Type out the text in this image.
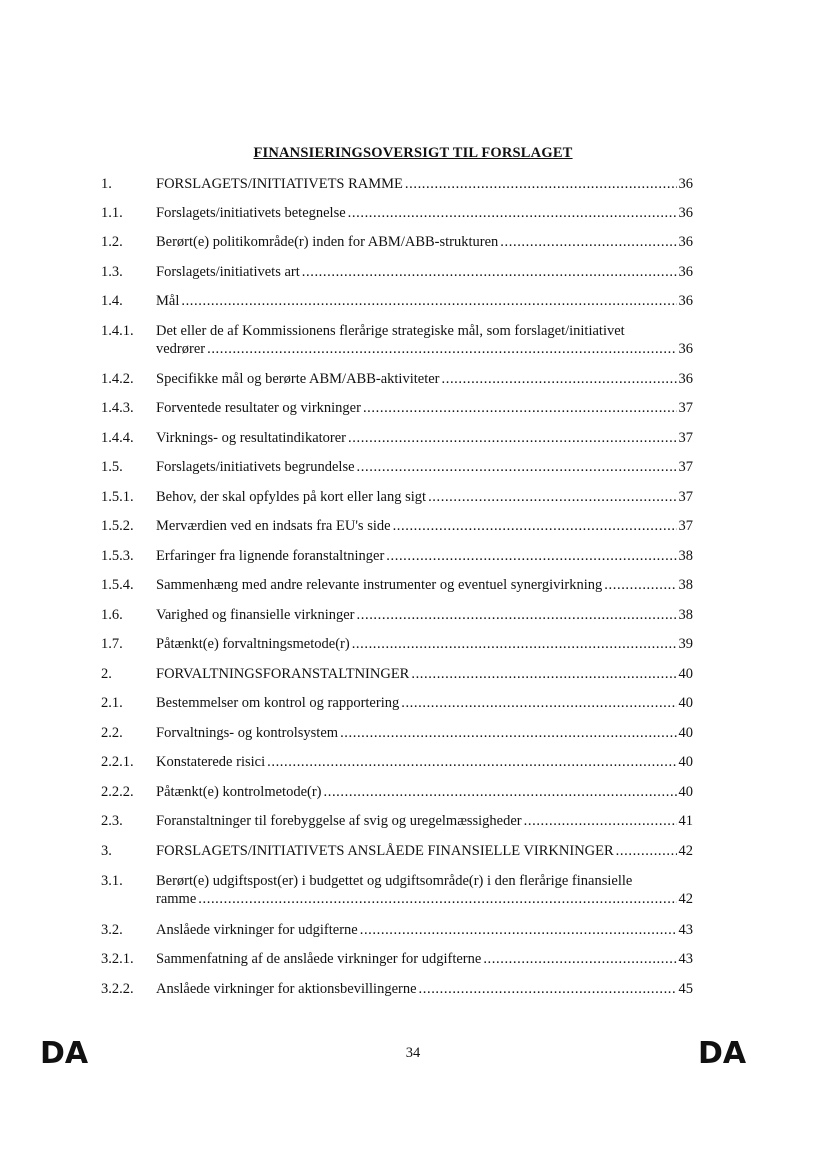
FINANSIERINGSOVERSIGT TIL FORSLAGET
1.	FORSLAGETS/INITIATIVETS RAMME .....	36
1.1. Forslagets/initiativets betegnelse .....	36
1.2. Berørt(e) politikområde(r) inden for ABM/ABB-strukturen .....	36
1.3. Forslagets/initiativets art .....	36
1.4. Mål .....	36
1.4.1. Det eller de af Kommissionens flerårige strategiske mål, som forslaget/initiativet
vedrører .....	36
1.4.2. Specifikke mål og berørte ABM/ABB-aktiviteter .....	36
1.4.3. Forventede resultater og virkninger .....	37
1.4.4. Virknings- og resultatindikatorer .....	37
1.5. Forslagets/initiativets begrundelse .....	37
1.5.1. Behov, der skal opfyldes på kort eller lang sigt .....	37
1.5.2. Merværdien ved en indsats fra EU's side .....	37
1.5.3. Erfaringer fra lignende foranstaltninger .....	38
1.5.4. Sammenhæng med andre relevante instrumenter og eventuel synergivirkning .....	38
1.6. Varighed og finansielle virkninger .....	38
1.7. Påtænkt(e) forvaltningsmetode(r) .....	39
2.	FORVALTNINGSFORANSTALTNINGER .....	40
2.1. Bestemmelser om kontrol og rapportering .....	40
2.2. Forvaltnings- og kontrolsystem .....	40
2.2.1. Konstaterede risici .....	40
2.2.2. Påtænkt(e) kontrolmetode(r) .....	40
2.3. Foranstaltninger til forebyggelse af svig og uregelmæssigheder .....	41
3.	FORSLAGETS/INITIATIVETS ANSLÅEDE FINANSIELLE VIRKNINGER .....	42
3.1. Berørt(e) udgiftspost(er) i budgettet og udgiftsområde(r) i den flerårige finansielle
ramme .....	42
3.2. Anslåede virkninger for udgifterne .....	43
3.2.1. Sammenfatning af de anslåede virkninger for udgifterne .....	43
3.2.2. Anslåede virkninger for aktionsbevillingerne .....	45
DA	34	DA
